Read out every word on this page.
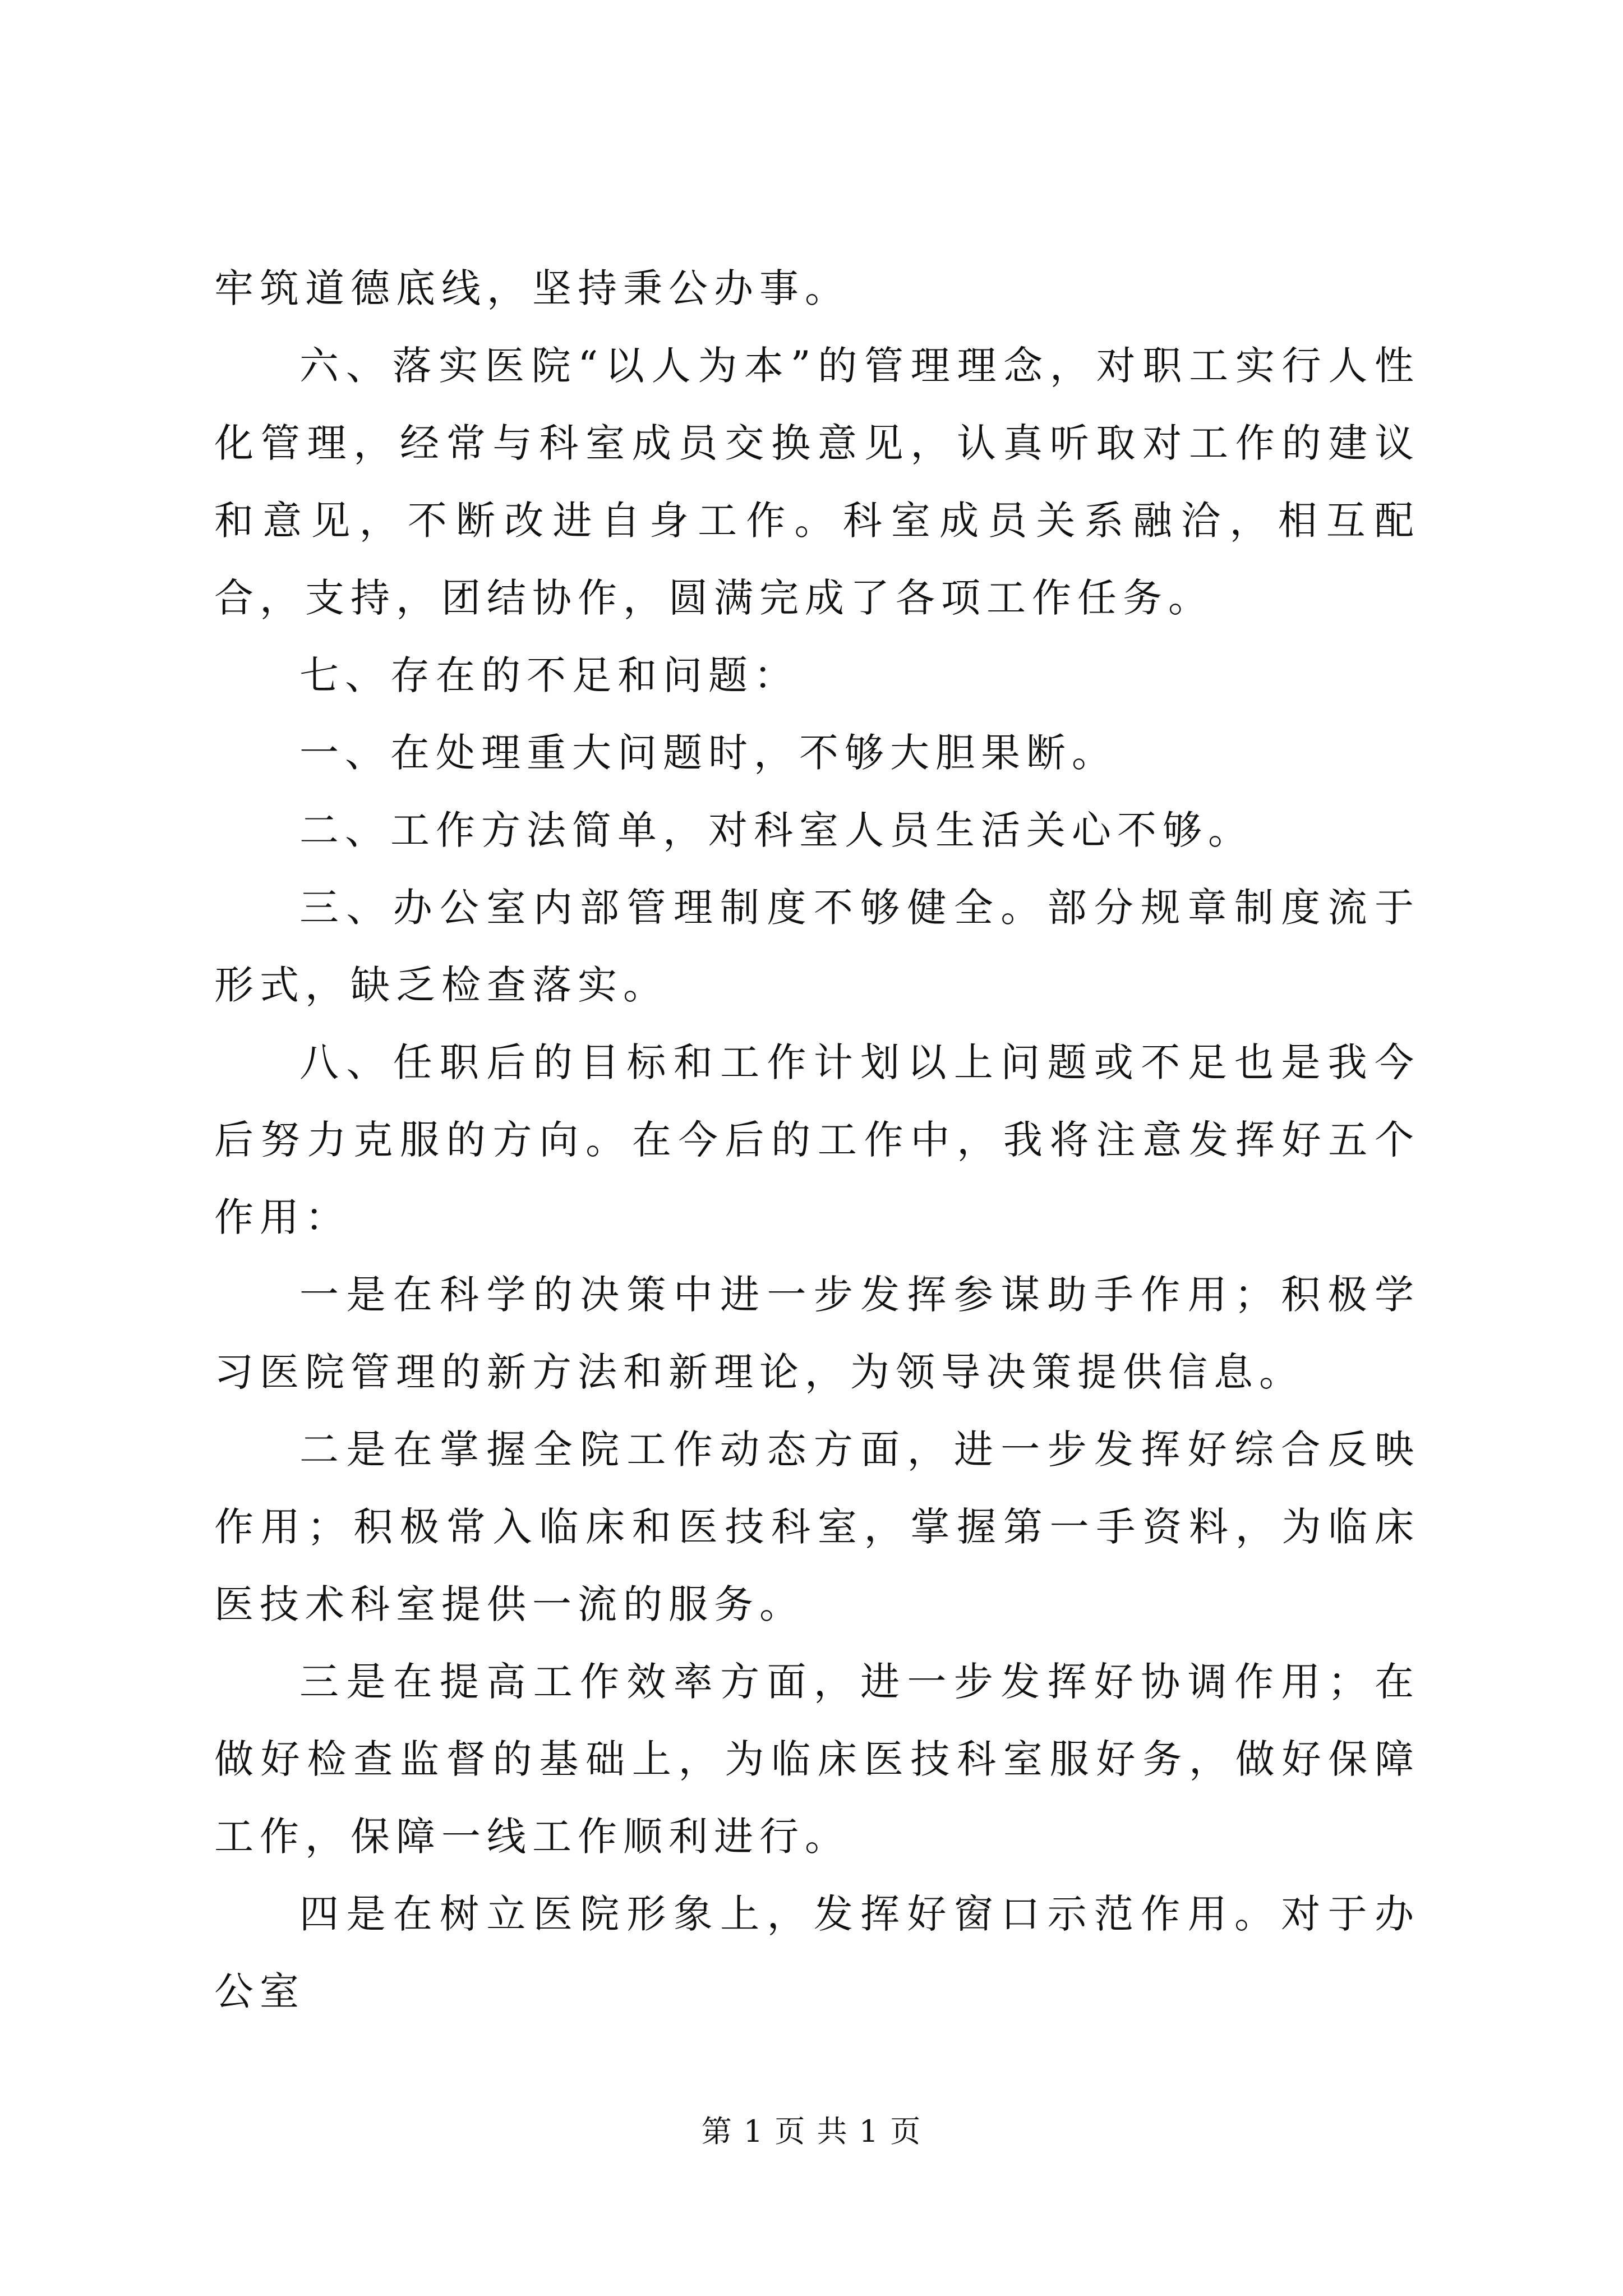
牢筑道德底线，坚持秉公办事。

六、落实医院“以人为本”的管理理念，对职工实行人性化管理，经常与科室成员交换意见，认真听取对工作的建议和意见，不断改进自身工作。科室成员关系融洽，相互配合，支持，团结协作，圆满完成了各项工作任务。

七、存在的不足和问题：

一、在处理重大问题时，不够大胆果断。

二、工作方法简单，对科室人员生活关心不够。

三、办公室内部管理制度不够健全。部分规章制度流于形式，缺乏检查落实。

八、任职后的目标和工作计划以上问题或不足也是我今后努力克服的方向。在今后的工作中，我将注意发挥好五个作用：

一是在科学的决策中进一步发挥参谋助手作用；积极学习医院管理的新方法和新理论，为领导决策提供信息。

二是在掌握全院工作动态方面，进一步发挥好综合反映作用；积极常入临床和医技科室，掌握第一手资料，为临床医技术科室提供一流的服务。

三是在提高工作效率方面，进一步发挥好协调作用；在做好检查监督的基础上，为临床医技科室服好务，做好保障工作，保障一线工作顺利进行。

四是在树立医院形象上，发挥好窗口示范作用。对于办公室

第 1 页 共 1 页
